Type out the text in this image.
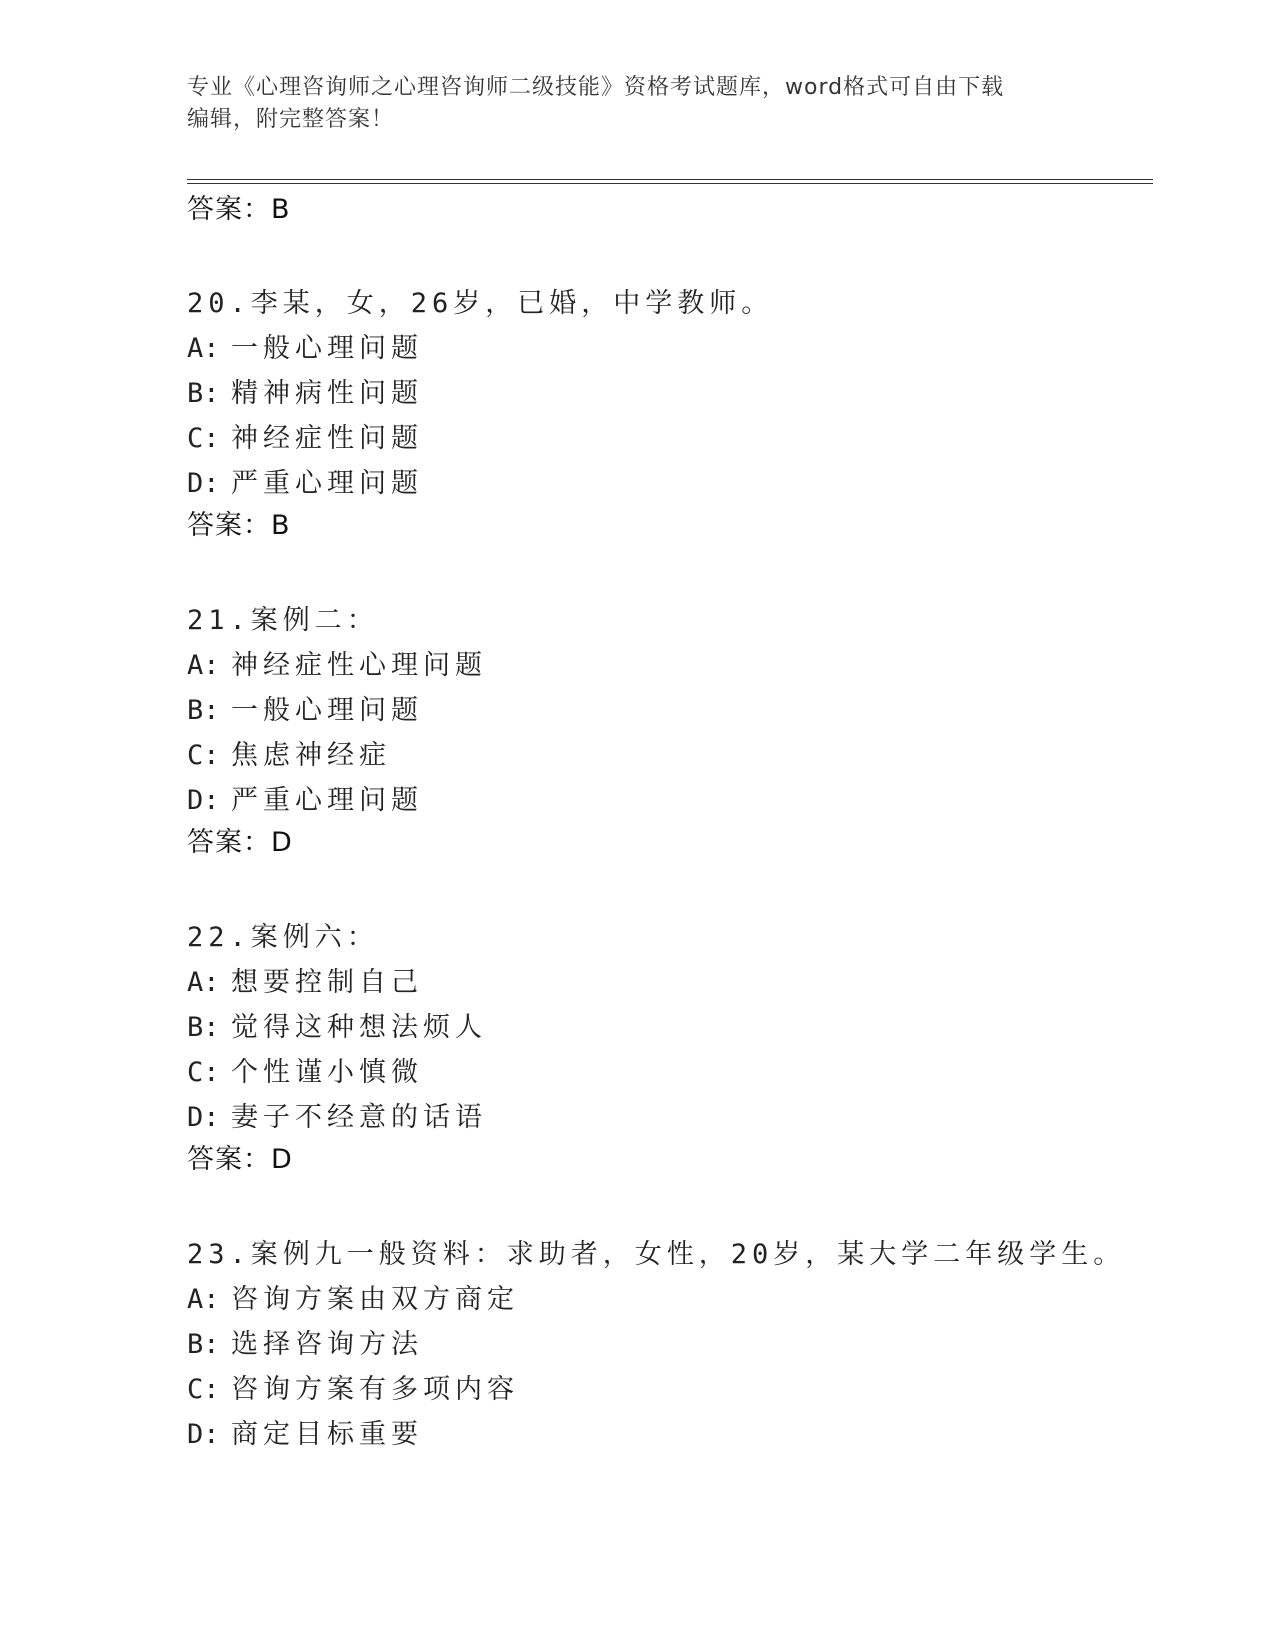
专业《心理咨询师之心理咨询师二级技能》资格考试题库，word格式可自由下载
编辑，附完整答案！
答案：B
20.李某，女，26岁，已婚，中学教师。
A: 一般心理问题
B: 精神病性问题
C: 神经症性问题
D: 严重心理问题
答案：B
21.案例二：
A: 神经症性心理问题
B: 一般心理问题
C: 焦虑神经症
D: 严重心理问题
答案：D
22.案例六：
A: 想要控制自己
B: 觉得这种想法烦人
C: 个性谨小慎微
D: 妻子不经意的话语
答案：D
23.案例九一般资料：求助者，女性，20岁，某大学二年级学生。
A: 咨询方案由双方商定
B: 选择咨询方法
C: 咨询方案有多项内容
D: 商定目标重要
